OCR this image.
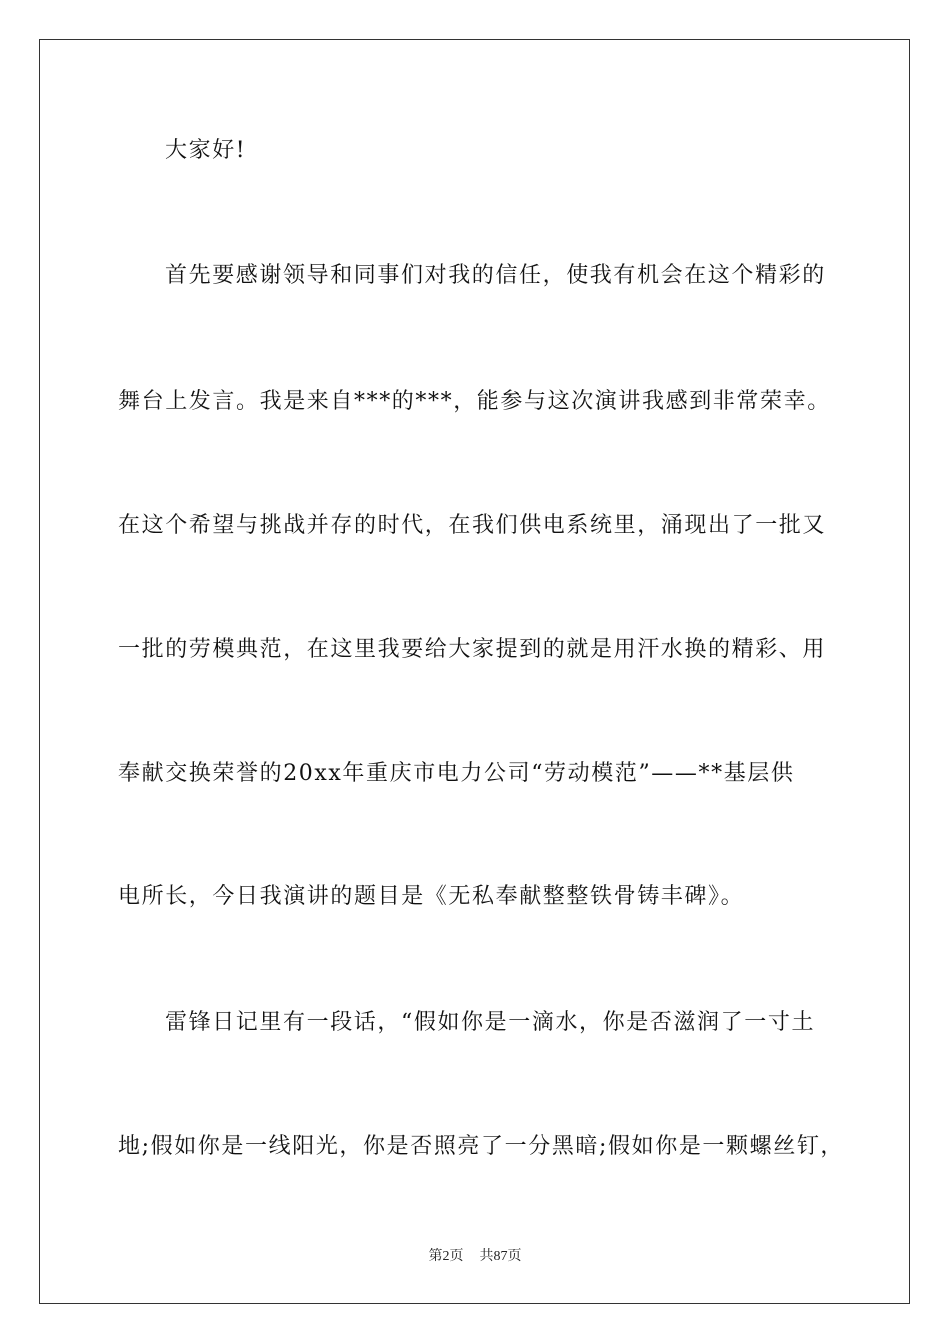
大家好!
首先要感谢领导和同事们对我的信任，使我有机会在这个精彩的
舞台上发言。我是来自***的***，能参与这次演讲我感到非常荣幸。
在这个希望与挑战并存的时代，在我们供电系统里，涌现出了一批又
一批的劳模典范，在这里我要给大家提到的就是用汗水换的精彩、用
奉献交换荣誉的20xx年重庆市电力公司“劳动模范”——**基层供
电所长，今日我演讲的题目是《无私奉献整整铁骨铸丰碑》。
雷锋日记里有一段话，“假如你是一滴水，你是否滋润了一寸土
地;假如你是一线阳光，你是否照亮了一分黑暗;假如你是一颗螺丝钉，
第2页 共87页
